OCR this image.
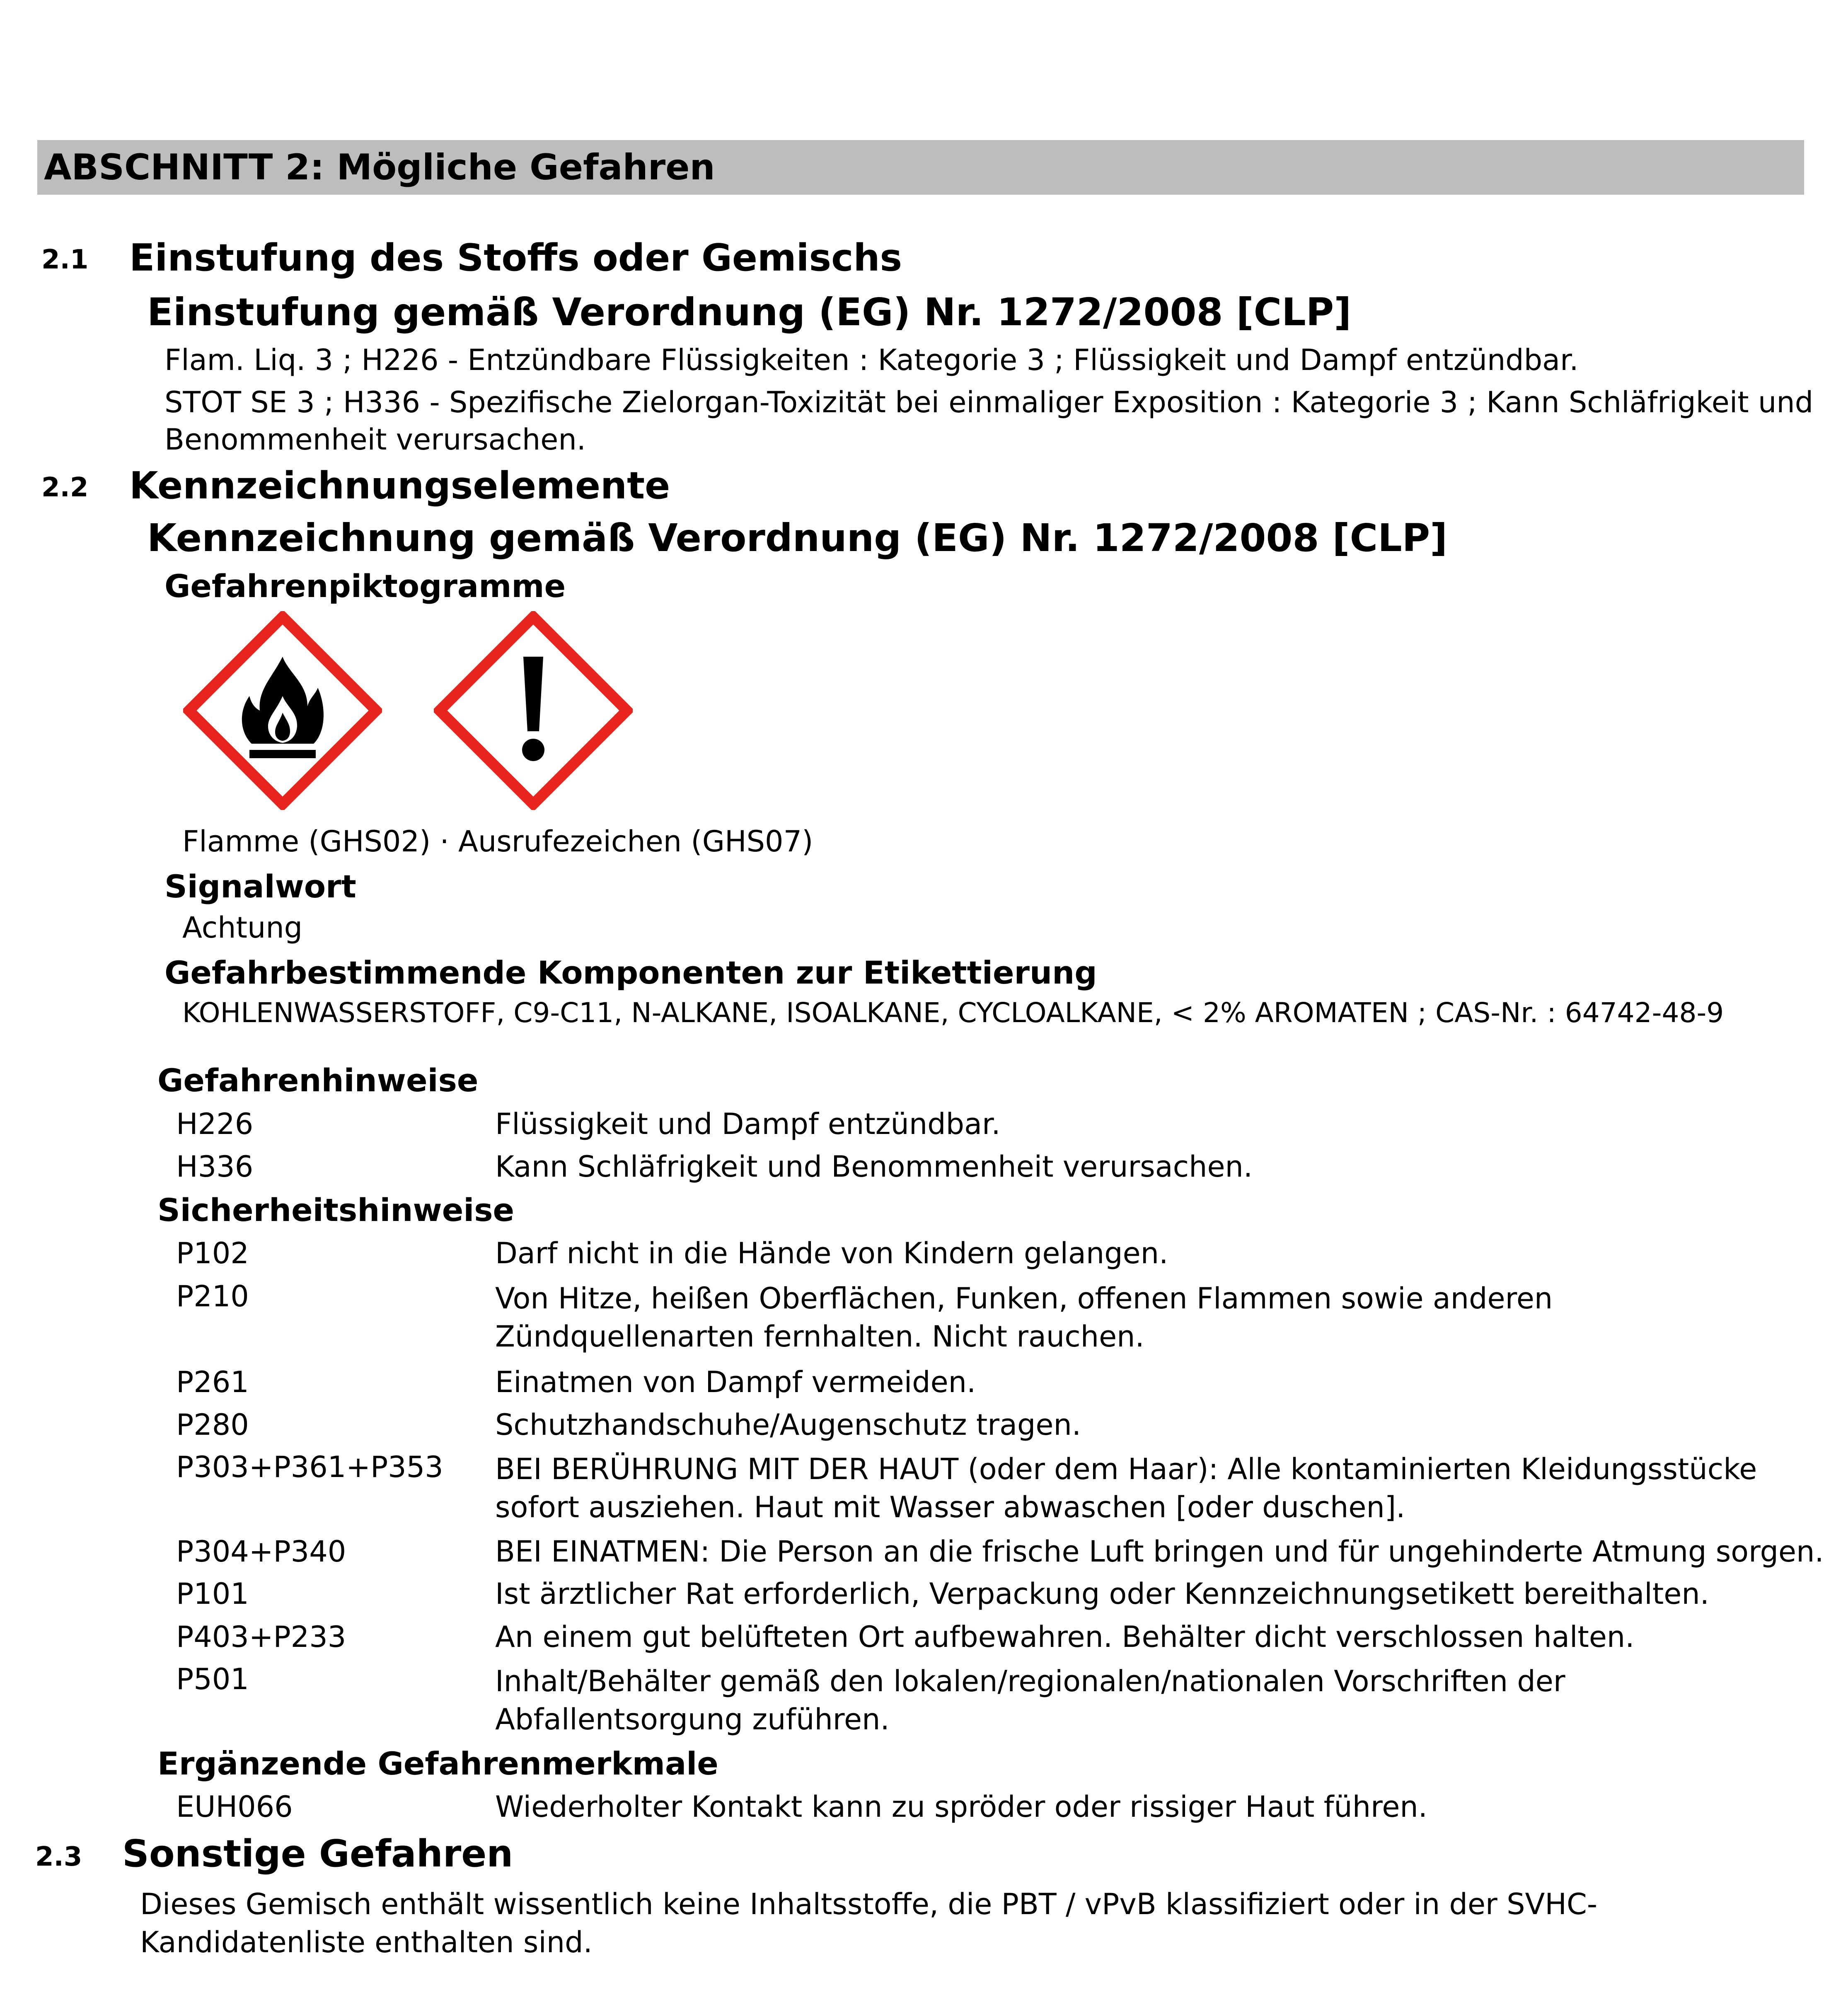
ABSCHNITT 2: Mögliche Gefahren
2.1 Einstufung des Stoffs oder Gemischs
Einstufung gemäß Verordnung (EG) Nr. 1272/2008 [CLP]
Flam. Liq. 3 ; H226 - Entzündbare Flüssigkeiten : Kategorie 3 ; Flüssigkeit und Dampf entzündbar.
STOT SE 3 ; H336 - Spezifische Zielorgan-Toxizität bei einmaliger Exposition : Kategorie 3 ; Kann Schläfrigkeit und
Benommenheit verursachen.
2.2 Kennzeichnungselemente
Kennzeichnung gemäß Verordnung (EG) Nr. 1272/2008 [CLP]
Gefahrenpiktogramme
Flamme (GHS02) · Ausrufezeichen (GHS07)
Signalwort
Achtung
Gefahrbestimmende Komponenten zur Etikettierung
KOHLENWASSERSTOFF, C9-C11, N-ALKANE, ISOALKANE, CYCLOALKANE, < 2% AROMATEN ; CAS-Nr. : 64742-48-9
Gefahrenhinweise
H226	Flüssigkeit und Dampf entzündbar.
H336	Kann Schläfrigkeit und Benommenheit verursachen.
Sicherheitshinweise
P102	Darf nicht in die Hände von Kindern gelangen.
P210	Von Hitze, heißen Oberflächen, Funken, offenen Flammen sowie anderen Zündquellenarten fernhalten. Nicht rauchen.
P261	Einatmen von Dampf vermeiden.
P280	Schutzhandschuhe/Augenschutz tragen.
P303+P361+P353 BEI BERÜHRUNG MIT DER HAUT (oder dem Haar): Alle kontaminierten Kleidungsstücke sofort ausziehen. Haut mit Wasser abwaschen [oder duschen].
P304+P340	BEI EINATMEN: Die Person an die frische Luft bringen und für ungehinderte Atmung sorgen.
P101	Ist ärztlicher Rat erforderlich, Verpackung oder Kennzeichnungsetikett bereithalten.
P403+P233	An einem gut belüfteten Ort aufbewahren. Behälter dicht verschlossen halten.
P501	Inhalt/Behälter gemäß den lokalen/regionalen/nationalen Vorschriften der Abfallentsorgung zuführen.
Ergänzende Gefahrenmerkmale
EUH066	Wiederholter Kontakt kann zu spröder oder rissiger Haut führen.
2.3 Sonstige Gefahren
Dieses Gemisch enthält wissentlich keine Inhaltsstoffe, die PBT / vPvB klassifiziert oder in der SVHC-Kandidatenliste enthalten sind.
